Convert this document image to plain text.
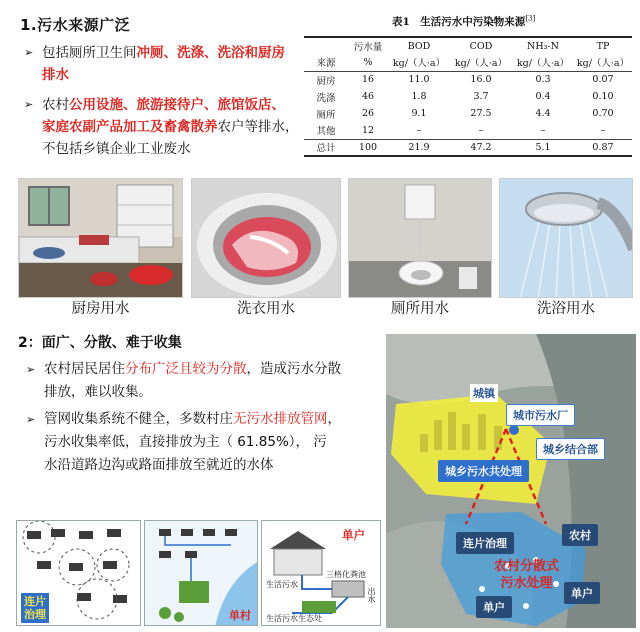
1.污水来源广泛
➢ 包括厕所卫生间冲厕、洗涤、洗浴和厨房
排水
➢ 农村公用设施、旅游接待户、旅馆饭店、
家庭农副产品加工及畜禽散养农户等排水，
不包括乡镇企业工业废水
表1　生活污水中污染物来源[3]
	污水量	BOD	COD	NH₃-N	TP
来源	%	kg/（人·a）	kg/（人·a）	kg/（人·a）	kg/（人·a）
厨房	16	11.0	16.0	0.3	0.07
洗涤	46	1.8	3.7	0.4	0.10
厕所	26	9.1	27.5	4.4	0.70
其他	12	–	–	–	–
总计	100	21.9	47.2	5.1	0.87
厨房用水	洗衣用水	厕所用水	洗浴用水
2：面广、分散、难于收集
➢ 农村居民居住分布广泛且较为分散，造成污水分散
排放，难以收集。
➢ 管网收集系统不健全，多数村庄无污水排放管网，
污水收集率低，直接排放为主（ 61.85%）， 污
水沿道路边沟或路面排放至就近的水体
城镇
城市污水厂
城乡结合部
城乡污水共处理
连片治理
农村
农村分散式
污水处理
单户
单户
连片
治理	单村
单户
生活污水
三格化粪池
出水
生活污水生态处
